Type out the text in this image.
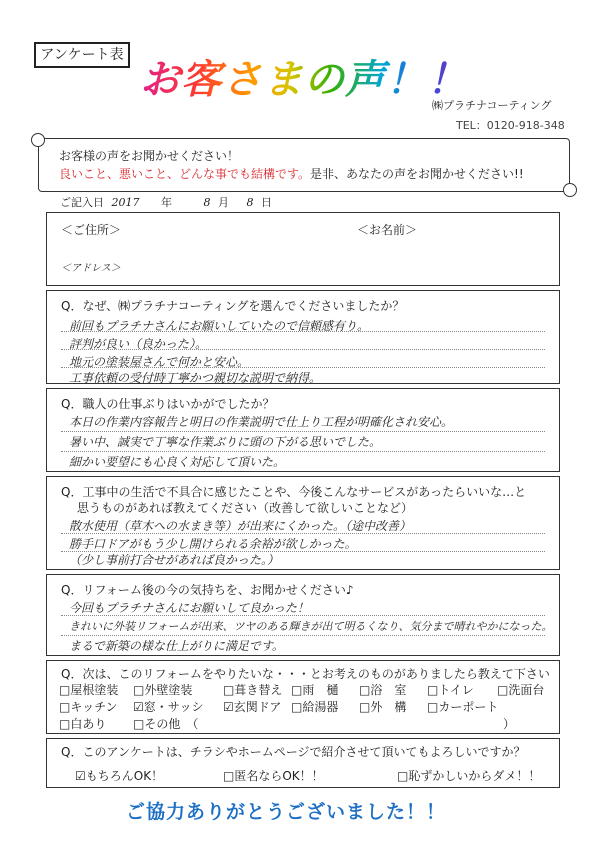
アンケート表
お客さまの声！！
㈱プラチナコーティング
TEL：0120-918-348
お客様の声をお聞かせください！
良いこと、悪いこと、どんな事でも結構です。是非、あなたの声をお聞かせください!!
ご記入日 2017 年	8 月 8 日
＜ご住所＞	＜お名前＞
＜アドレス＞
Q．なぜ、㈱プラチナコーティングを選んでくださいましたか？
前回もプラチナさんにお願いしていたので信頼感有り。
評判が良い（良かった）。
地元の塗装屋さんで何かと安心。
工事依頼の受付時丁寧かつ親切な説明で納得。
Q．職人の仕事ぶりはいかがでしたか？
本日の作業内容報告と明日の作業説明で仕上り工程が明確化され安心。
暑い中、誠実で丁寧な作業ぶりに頭の下がる思いでした。
細かい要望にも心良く対応して頂いた。
Q．工事中の生活で不具合に感じたことや、今後こんなサービスがあったらいいな…と
思うものがあれば教えてください（改善して欲しいことなど）
散水使用（草木への水まき等）が出来にくかった。（途中改善）
勝手口ドアがもう少し開けられる余裕が欲しかった。
（少し事前打合せがあれば良かった。）
Q．リフォーム後の今の気持ちを、お聞かせください♪
今回もプラチナさんにお願いして良かった！
きれいに外装リフォームが出来、ツヤのある輝きが出て明るくなり、気分まで晴れやかになった。
まるで新築の様な仕上がりに満足です。
Q．次は、このリフォームをやりたいな・・・とお考えのものがありましたら教えて下さい
□屋根塗装 □外壁塗装	□葺き替え □雨　樋 □浴　室 □トイレ □洗面台
□キッチン ☑窓・サッシ ☑玄関ドア □給湯器 □外　構 □カーポート
□白あり □その他　（	）
Q．このアンケートは、チラシやホームページで紹介させて頂いてもよろしいですか？
☑もちろんOK！	□匿名ならOK！！	□恥ずかしいからダメ！！
ご協力ありがとうございました！！
